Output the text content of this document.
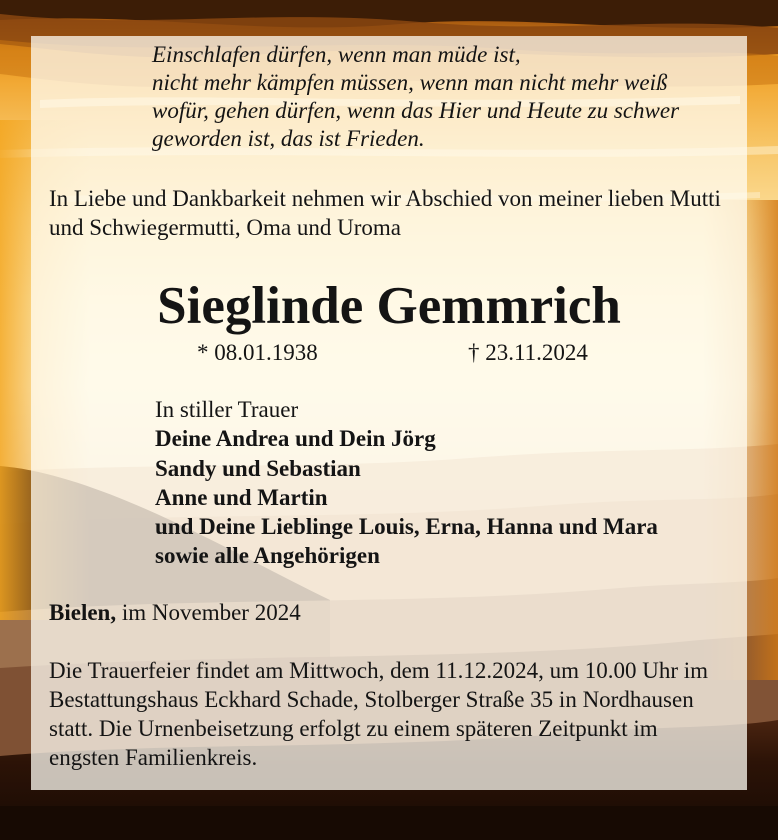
Einschlafen dürfen, wenn man müde ist,
nicht mehr kämpfen müssen, wenn man nicht mehr weiß
wofür, gehen dürfen, wenn das Hier und Heute zu schwer
geworden ist, das ist Frieden.

In Liebe und Dankbarkeit nehmen wir Abschied von meiner lieben Mutti und Schwiegermutti, Oma und Uroma

Sieglinde Gemmrich
* 08.01.1938	† 23.11.2024
In stiller Trauer
Deine Andrea und Dein Jörg
Sandy und Sebastian
Anne und Martin
und Deine Lieblinge Louis, Erna, Hanna und Mara
sowie alle Angehörigen
Bielen, im November 2024

Die Trauerfeier findet am Mittwoch, dem 11.12.2024, um 10.00 Uhr im Bestattungshaus Eckhard Schade, Stolberger Straße 35 in Nordhausen statt. Die Urnenbeisetzung erfolgt zu einem späteren Zeitpunkt im engsten Familienkreis.
